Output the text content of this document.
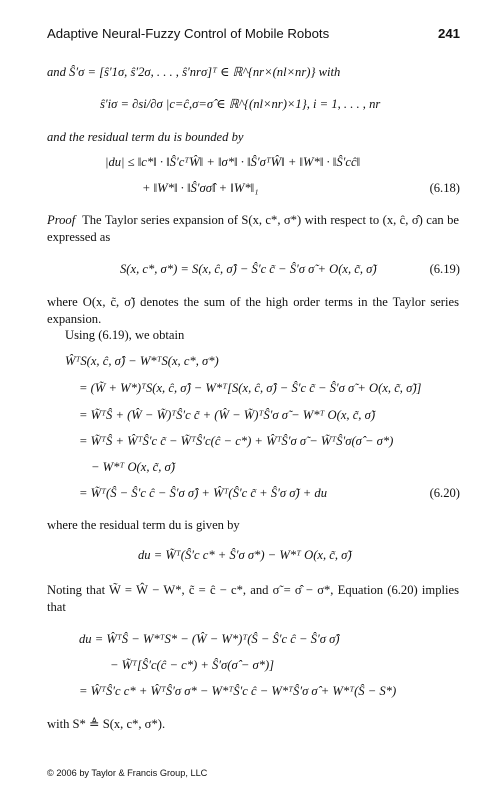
Adaptive Neural-Fuzzy Control of Mobile Robots	241
and Ŝ′σ = [ŝ′1σ, ŝ′2σ, . . . , ŝ′nrσ]ᵀ ∈ ℝ^{nr×(nl×nr)} with
ŝ′iσ = ∂si/∂σ |c=ĉ,σ=σ̂ ∈ ℝ^{(nl×nr)×1}, i = 1, . . . , nr
and the residual term du is bounded by
|du| ≤ ‖c*‖ · ‖Ŝ′cᵀŴ‖ + ‖σ*‖ · ‖Ŝ′σᵀŴ‖ + ‖W*‖ · ‖Ŝ′cĉ‖
+ ‖W*‖ · ‖Ŝ′σσ̂‖ + ‖W*‖₁	(6.18)
Proof The Taylor series expansion of S(x, c*, σ*) with respect to (x, ĉ, σ̂) can be expressed as
S(x, c*, σ*) = S(x, ĉ, σ̂) − Ŝ′c c̃ − Ŝ′σ σ̃ + O(x, c̃, σ̃)	(6.19)
where O(x, c̃, σ̃) denotes the sum of the high order terms in the Taylor series expansion.
Using (6.19), we obtain
ŴᵀS(x, ĉ, σ̂) − W*ᵀS(x, c*, σ*)
= (W̃ + W*)ᵀS(x, ĉ, σ̂) − W*ᵀ[S(x, ĉ, σ̂) − Ŝ′c c̃ − Ŝ′σ σ̃ + O(x, c̃, σ̃)]
= W̃ᵀŜ + (Ŵ − W̃)ᵀŜ′c c̃ + (Ŵ − W̃)ᵀŜ′σ σ̃ − W*ᵀ O(x, c̃, σ̃)
= W̃ᵀŜ + ŴᵀŜ′c c̃ − W̃ᵀŜ′c(ĉ − c*) + ŴᵀŜ′σ σ̃ − W̃ᵀŜ′σ(σ̂ − σ*)
− W*ᵀ O(x, c̃, σ̃)
= W̃ᵀ(Ŝ − Ŝ′c ĉ − Ŝ′σ σ̂) + Ŵᵀ(Ŝ′c c̃ + Ŝ′σ σ̃) + du	(6.20)
where the residual term du is given by
du = W̃ᵀ(Ŝ′c c* + Ŝ′σ σ*) − W*ᵀ O(x, c̃, σ̃)
Noting that W̃ = Ŵ − W*, c̃ = ĉ − c*, and σ̃ = σ̂ − σ*, Equation (6.20) implies that
du = ŴᵀŜ − W*ᵀS* − (Ŵ − W*)ᵀ(Ŝ − Ŝ′c ĉ − Ŝ′σ σ̂)
− W̃ᵀ[Ŝ′c(ĉ − c*) + Ŝ′σ(σ̂ − σ*)]
= ŴᵀŜ′c c* + ŴᵀŜ′σ σ* − W*ᵀŜ′c ĉ − W*ᵀŜ′σ σ̂ + W*ᵀ(Ŝ − S*)
with S* ≜ S(x, c*, σ*).
© 2006 by Taylor & Francis Group, LLC
